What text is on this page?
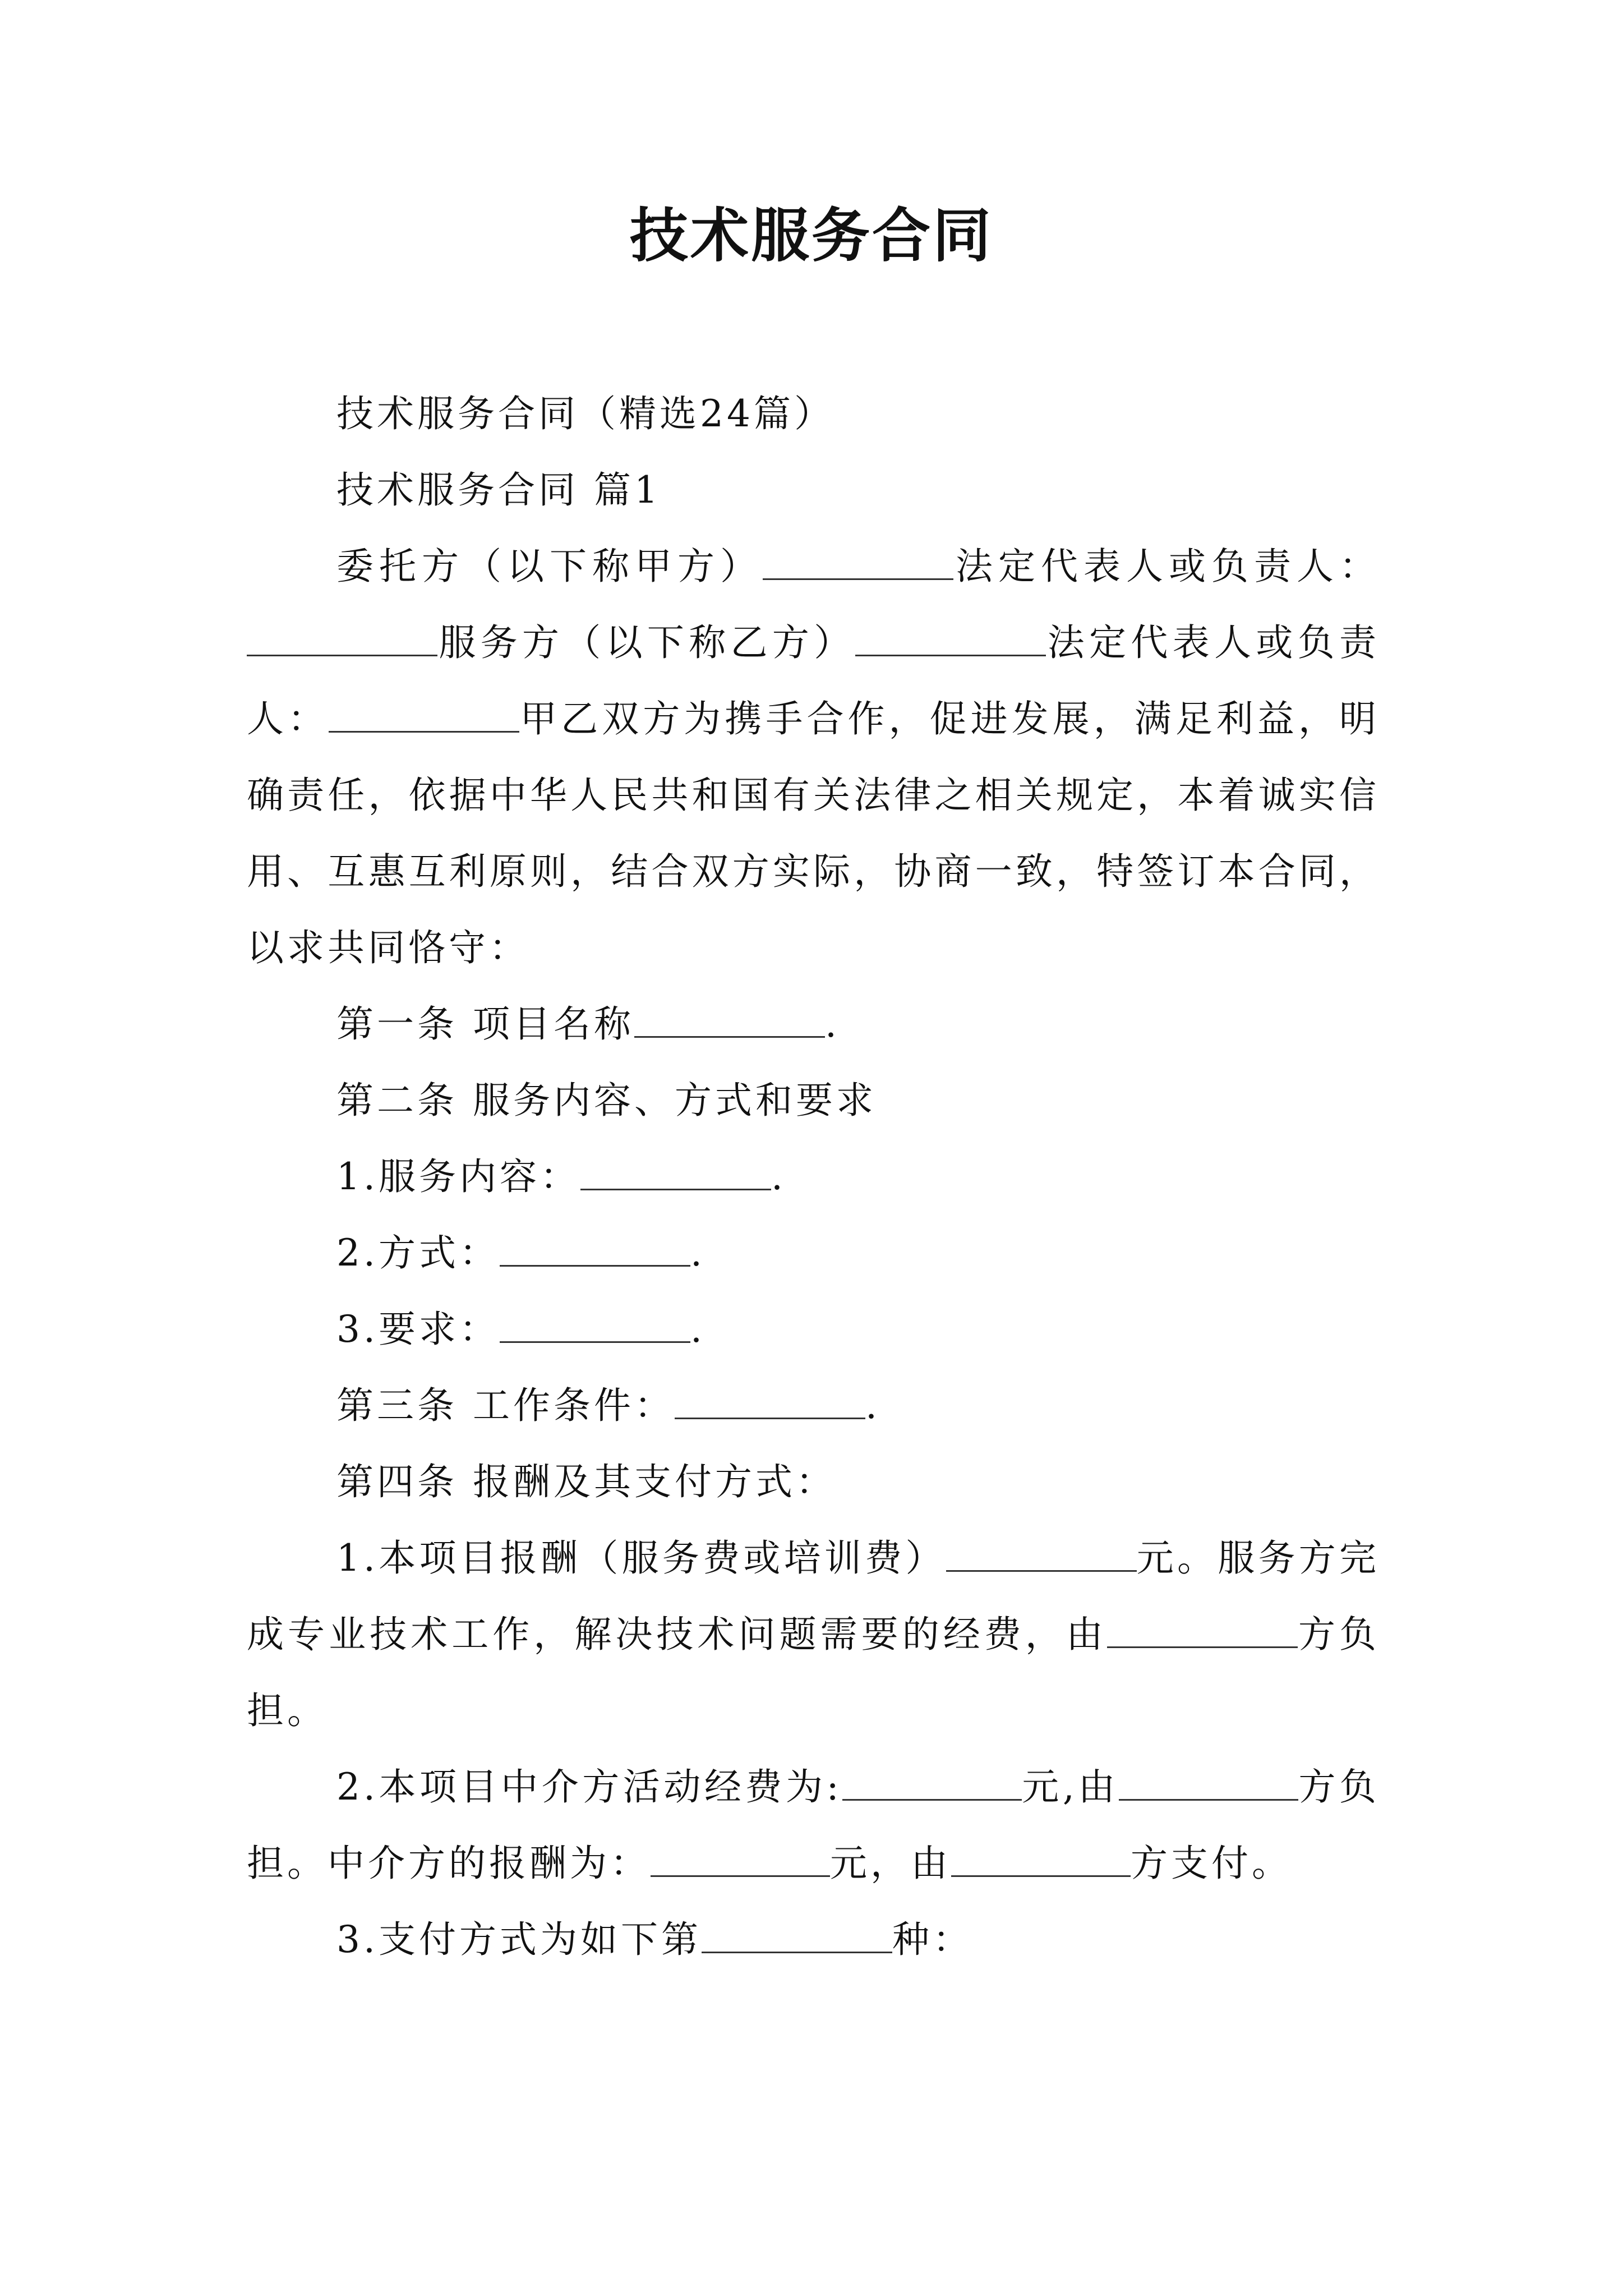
技术服务合同

技术服务合同（精选24篇）

技术服务合同 篇1

委托方（以下称甲方）	法定代表人或负责人：服务方（以下称乙方）	法定代表人或负责人：	甲乙双方为携手合作，促进发展，满足利益，明确责任，依据中华人民共和国有关法律之相关规定，本着诚实信用、互惠互利原则，结合双方实际，协商一致，特签订本合同，以求共同恪守：

第一条 项目名称	.

第二条 服务内容、方式和要求

1.服务内容：	.

2.方式：	.

3.要求：	.

第三条 工作条件：	.

第四条 报酬及其支付方式：

1.本项目报酬（服务费或培训费）	元。服务方完成专业技术工作，解决技术问题需要的经费，由	方负担。

2.本项目中介方活动经费为:	元,由	方负担。中介方的报酬为：	元，由	方支付。

3.支付方式为如下第	种：
